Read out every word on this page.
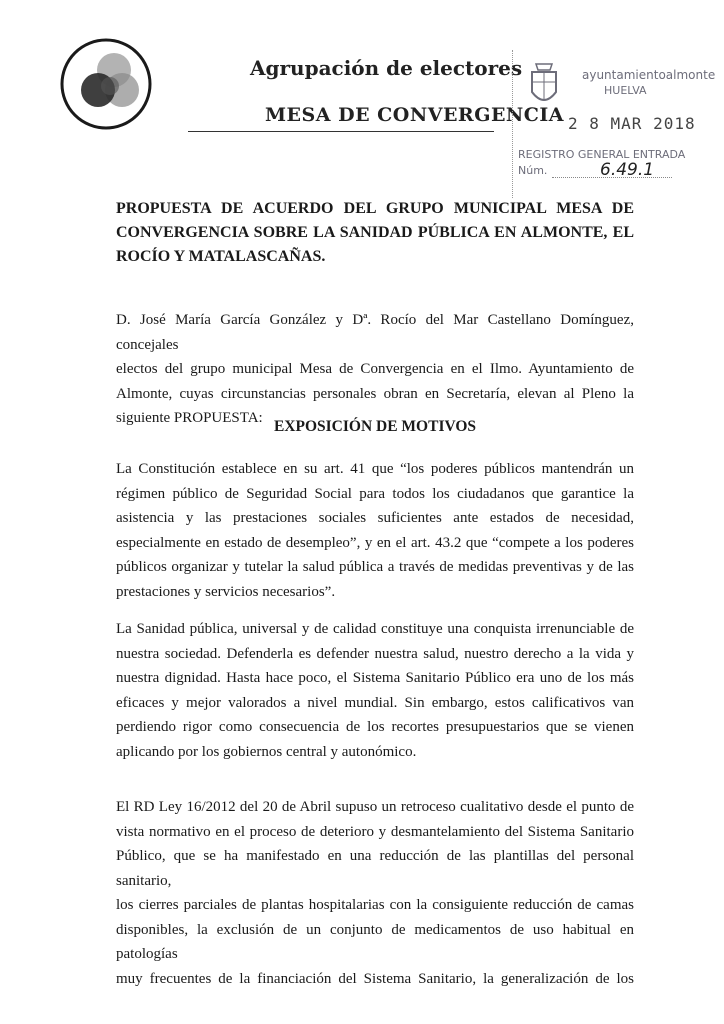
Agrupación de electores
MESA DE CONVERGENCIA
ayuntamientoalmonte
HUELVA
2 8 MAR 2018
REGISTRO GENERAL ENTRADA
Núm.	6.49.1
PROPUESTA DE ACUERDO DEL GRUPO MUNICIPAL MESA DE
CONVERGENCIA SOBRE LA SANIDAD PÚBLICA EN ALMONTE, EL
ROCÍO Y MATALASCAÑAS.
D. José María García González y Dª. Rocío del Mar Castellano Domínguez, concejales
electos del grupo municipal Mesa de Convergencia en el Ilmo. Ayuntamiento de
Almonte, cuyas circunstancias personales obran en Secretaría, elevan al Pleno la
siguiente PROPUESTA: EXPOSICIÓN DE MOTIVOS
La Constitución establece en su art. 41 que “los poderes públicos mantendrán un
régimen público de Seguridad Social para todos los ciudadanos que garantice la
asistencia y las prestaciones sociales suficientes ante estados de necesidad,
especialmente en estado de desempleo”, y en el art. 43.2 que “compete a los poderes
públicos organizar y tutelar la salud pública a través de medidas preventivas y de las
prestaciones y servicios necesarios”.
La Sanidad pública, universal y de calidad constituye una conquista irrenunciable de
nuestra sociedad. Defenderla es defender nuestra salud, nuestro derecho a la vida y
nuestra dignidad. Hasta hace poco, el Sistema Sanitario Público era uno de los más
eficaces y mejor valorados a nivel mundial. Sin embargo, estos calificativos van
perdiendo rigor como consecuencia de los recortes presupuestarios que se vienen
aplicando por los gobiernos central y autonómico.
El RD Ley 16/2012 del 20 de Abril supuso un retroceso cualitativo desde el punto de
vista normativo en el proceso de deterioro y desmantelamiento del Sistema Sanitario
Público, que se ha manifestado en una reducción de las plantillas del personal sanitario,
los cierres parciales de plantas hospitalarias con la consiguiente reducción de camas
disponibles, la exclusión de un conjunto de medicamentos de uso habitual en patologías
muy frecuentes de la financiación del Sistema Sanitario, la generalización de los
